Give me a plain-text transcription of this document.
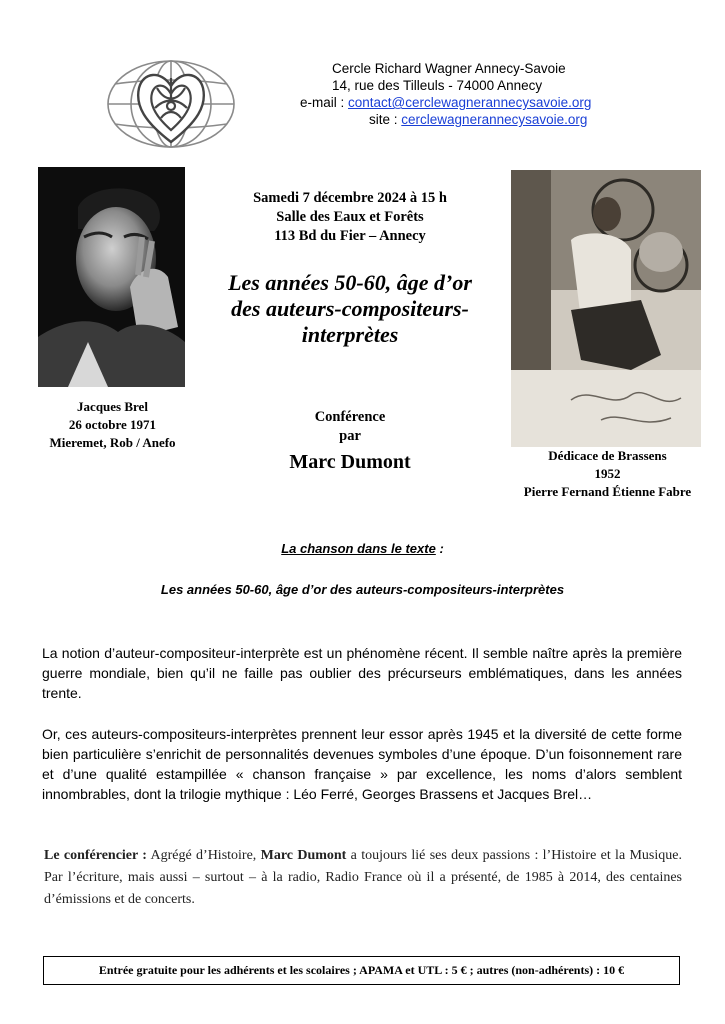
Cercle Richard Wagner Annecy-Savoie
14, rue des Tilleuls - 74000 Annecy
e-mail : contact@cerclewagnerannecysavoie.org
site : cerclewagnerannecysavoie.org
Samedi 7 décembre 2024 à 15 h
Salle des Eaux et Forêts
113 Bd du Fier – Annecy
Les années 50-60, âge d’or
des auteurs-compositeurs-
interprètes
Jacques Brel
26 octobre 1971
Mieremet, Rob / Anefo
Conférence
par
Marc Dumont	Dédicace de Brassens
1952
Pierre Fernand Étienne Fabre
La chanson dans le texte :
Les années 50-60, âge d’or des auteurs-compositeurs-interprètes
La notion d’auteur-compositeur-interprète est un phénomène récent. Il semble naître après la première guerre mondiale, bien qu’il ne faille pas oublier des précurseurs emblématiques, dans les années trente.
Or, ces auteurs-compositeurs-interprètes prennent leur essor après 1945 et la diversité de cette forme bien particulière s’enrichit de personnalités devenues symboles d’une époque. D’un foisonnement rare et d’une qualité estampillée « chanson française » par excellence, les noms d’alors semblent innombrables, dont la trilogie mythique : Léo Ferré, Georges Brassens et Jacques Brel…
Le conférencier : Agrégé d’Histoire, Marc Dumont a toujours lié ses deux passions : l’Histoire et la Musique. Par l’écriture, mais aussi – surtout – à la radio, Radio France où il a présenté, de 1985 à 2014, des centaines d’émissions et de concerts.
Entrée gratuite pour les adhérents et les scolaires ; APAMA et UTL : 5 € ; autres (non-adhérents) : 10 €
